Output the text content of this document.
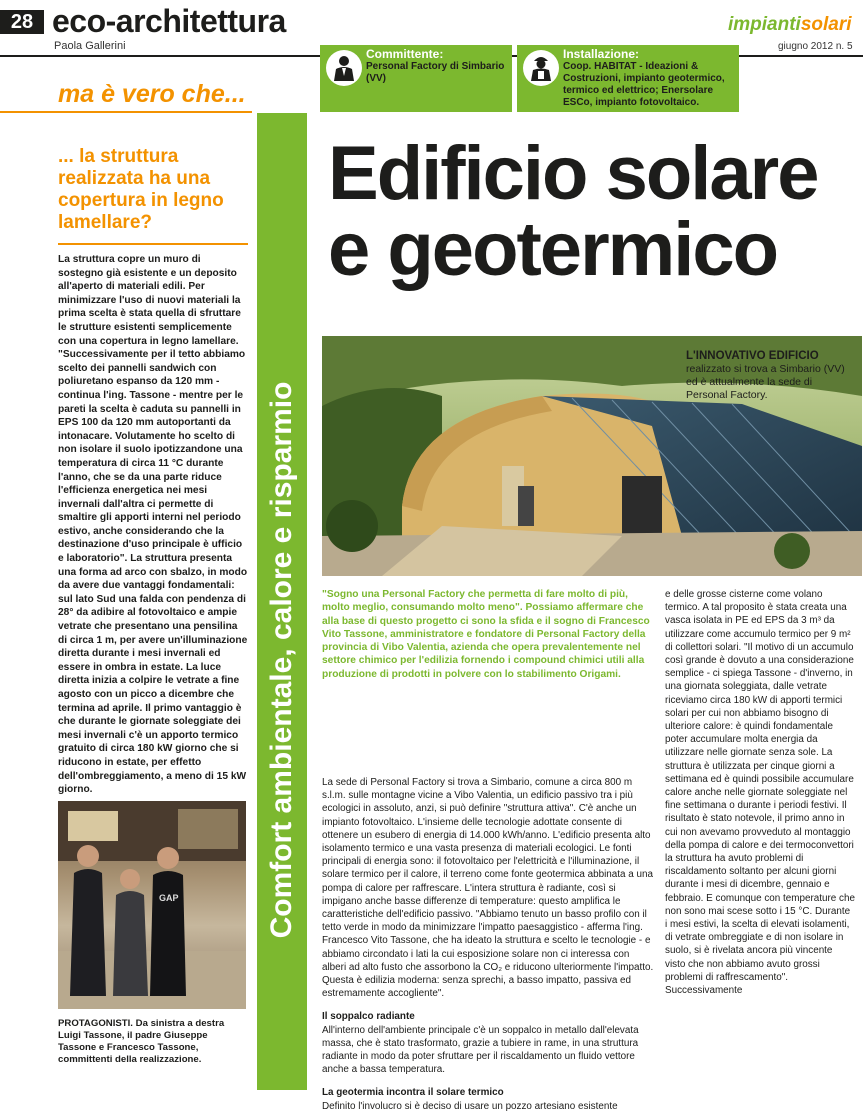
28 eco-architettura
Paola Gallerini
impiantisolari
giugno 2012 n. 5
Committente:
Personal Factory di Simbario (VV)
Installazione:
Coop. HABITAT - Ideazioni & Costruzioni, impianto geotermico, termico ed elettrico; Enersolare ESCo, impianto fotovoltaico.
ma è vero che...
... la struttura realizzata ha una copertura in legno lamellare?
La struttura copre un muro di sostegno già esistente e un deposito all'aperto di materiali edili. Per minimizzare l'uso di nuovi materiali la prima scelta è stata quella di sfruttare le strutture esistenti semplicemente con una copertura in legno lamellare. "Successivamente per il tetto abbiamo scelto dei pannelli sandwich con poliuretano espanso da 120 mm - continua l'ing. Tassone - mentre per le pareti la scelta è caduta su pannelli in EPS 100 da 120 mm autoportanti da intonacare. Volutamente ho scelto di non isolare il suolo ipotizzandone una temperatura di circa 11 °C durante l'anno, che se da una parte riduce l'efficienza energetica nei mesi invernali dall'altra ci permette di smaltire gli apporti interni nel periodo estivo, anche considerando che la destinazione d'uso principale è ufficio e laboratorio". La struttura presenta una forma ad arco con sbalzo, in modo da avere due vantaggi fondamentali: sul lato Sud una falda con pendenza di 28° da adibire al fotovoltaico e ampie vetrate che presentano una pensilina di circa 1 m, per avere un'illuminazione diretta durante i mesi invernali ed essere in ombra in estate. La luce diretta inizia a colpire le vetrate a fine agosto con un picco a dicembre che termina ad aprile. Il primo vantaggio è che durante le giornate soleggiate dei mesi invernali c'è un apporto termico gratuito di circa 180 kW giorno che si riducono in estate, per effetto dell'ombreggiamento, a meno di 15 kW giorno.
GAP
PROTAGONISTI. Da sinistra a destra Luigi Tassone, il padre Giuseppe Tassone e Francesco Tassone, committenti della realizzazione.
Comfort ambientale, calore e risparmio
Edificio solare
e geotermico
L'INNOVATIVO EDIFICIO
realizzato si trova a Simbario (VV) ed è attualmente la sede di Personal Factory.
"Sogno una Personal Factory che permetta di fare molto di più, molto meglio, consumando molto meno". Possiamo affermare che alla base di questo progetto ci sono la sfida e il sogno di Francesco Vito Tassone, amministratore e fondatore di Personal Factory della provincia di Vibo Valentia, azienda che opera prevalentemente nel settore chimico per l'edilizia fornendo i compound chimici utili alla produzione di prodotti in polvere con lo stabilimento Origami.

La sede di Personal Factory si trova a Simbario, comune a circa 800 m s.l.m. sulle montagne vicine a Vibo Valentia, un edificio passivo tra i più ecologici in assoluto, anzi, si può definire "struttura attiva". C'è anche un impianto fotovoltaico. L'insieme delle tecnologie adottate consente di ottenere un esubero di energia di 14.000 kWh/anno. L'edificio presenta alto isolamento termico e una vasta presenza di materiali ecologici. Le fonti principali di energia sono: il fotovoltaico per l'elettricità e l'illuminazione, il solare termico per il calore, il terreno come fonte geotermica abbinata a una pompa di calore per raffrescare. L'intera struttura è radiante, così si impigano anche basse differenze di temperature: questo amplifica le caratteristiche dell'edificio passivo. "Abbiamo tenuto un basso profilo con il tetto verde in modo da minimizzare l'impatto paesaggistico - afferma l'ing. Francesco Vito Tassone, che ha ideato la struttura e scelto le tecnologie - e abbiamo circondato i lati la cui esposizione solare non ci interessa con alberi ad alto fusto che assorbono la CO₂ e riducono ulteriormente l'impatto. Questa è edilizia moderna: senza sprechi, a basso impatto, passiva ed estremamente accogliente".

Il soppalco radiante

All'interno dell'ambiente principale c'è un soppalco in metallo dall'elevata massa, che è stato trasformato, grazie a tubiere in rame, in una struttura radiante in modo da poter sfruttare per il riscaldamento un fluido vettore anche a bassa temperatura.

La geotermia incontra il solare termico

Definito l'involucro si è deciso di usare un pozzo artesiano esistente

e delle grosse cisterne come volano termico. A tal proposito è stata creata una vasca isolata in PE ed EPS da 3 m³ da utilizzare come accumulo termico per 9 m² di collettori solari. "Il motivo di un accumulo così grande è dovuto a una considerazione semplice - ci spiega Tassone - d'inverno, in una giornata soleggiata, dalle vetrate riceviamo circa 180 kW di apporti termici solari per cui non abbiamo bisogno di ulteriore calore: è quindi fondamentale poter accumulare molta energia da utilizzare nelle giornate senza sole. La struttura è utilizzata per cinque giorni a settimana ed è quindi possibile accumulare calore anche nelle giornate soleggiate nel fine settimana o durante i periodi festivi. Il risultato è stato notevole, il primo anno in cui non avevamo provveduto al montaggio della pompa di calore e dei termoconvettori la struttura ha avuto problemi di riscaldamento soltanto per alcuni giorni durante i mesi di dicembre, gennaio e febbraio. E comunque con temperature che non sono mai scese sotto i 15 °C. Durante i mesi estivi, la scelta di elevati isolamenti, di vetrate ombreggiate e di non isolare in suolo, si è rivelata ancora più vincente visto che non abbiamo avuto grossi problemi di raffrescamento". Successivamente
